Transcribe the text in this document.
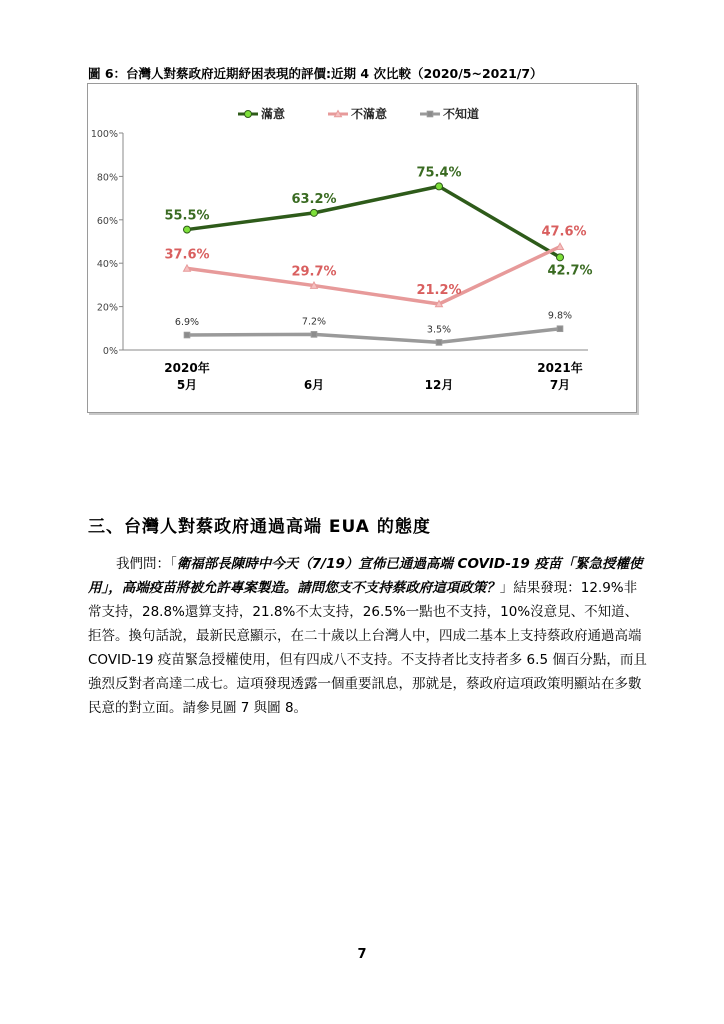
圖 6：台灣人對蔡政府近期紓困表現的評價:近期 4 次比較（2020/5~2021/7）
0%
20%
40%
60%
80%
100%
2020年
5月	6月	12月
2021年
7月
滿意	不滿意	不知道
55.5%
63.2%
75.4%
42.7%
37.6%
29.7%
21.2%
47.6%
6.9%	7.2%
3.5%
9.8%
三、台灣人對蔡政府通過高端 EUA 的態度
我們問：「衛福部長陳時中今天（7/19）宣佈已通過高端 COVID-19 疫苗「緊急授權使用」，高端疫苗將被允許專案製造。請問您支不支持蔡政府這項政策？」結果發現：12.9%非常支持，28.8%還算支持，21.8%不太支持，26.5%一點也不支持，10%沒意見、不知道、拒答。換句話說，最新民意顯示，在二十歲以上台灣人中，四成二基本上支持蔡政府通過高端 COVID-19 疫苗緊急授權使用，但有四成八不支持。不支持者比支持者多 6.5 個百分點，而且強烈反對者高達二成七。這項發現透露一個重要訊息，那就是，蔡政府這項政策明顯站在多數民意的對立面。請參見圖 7 與圖 8。
7
